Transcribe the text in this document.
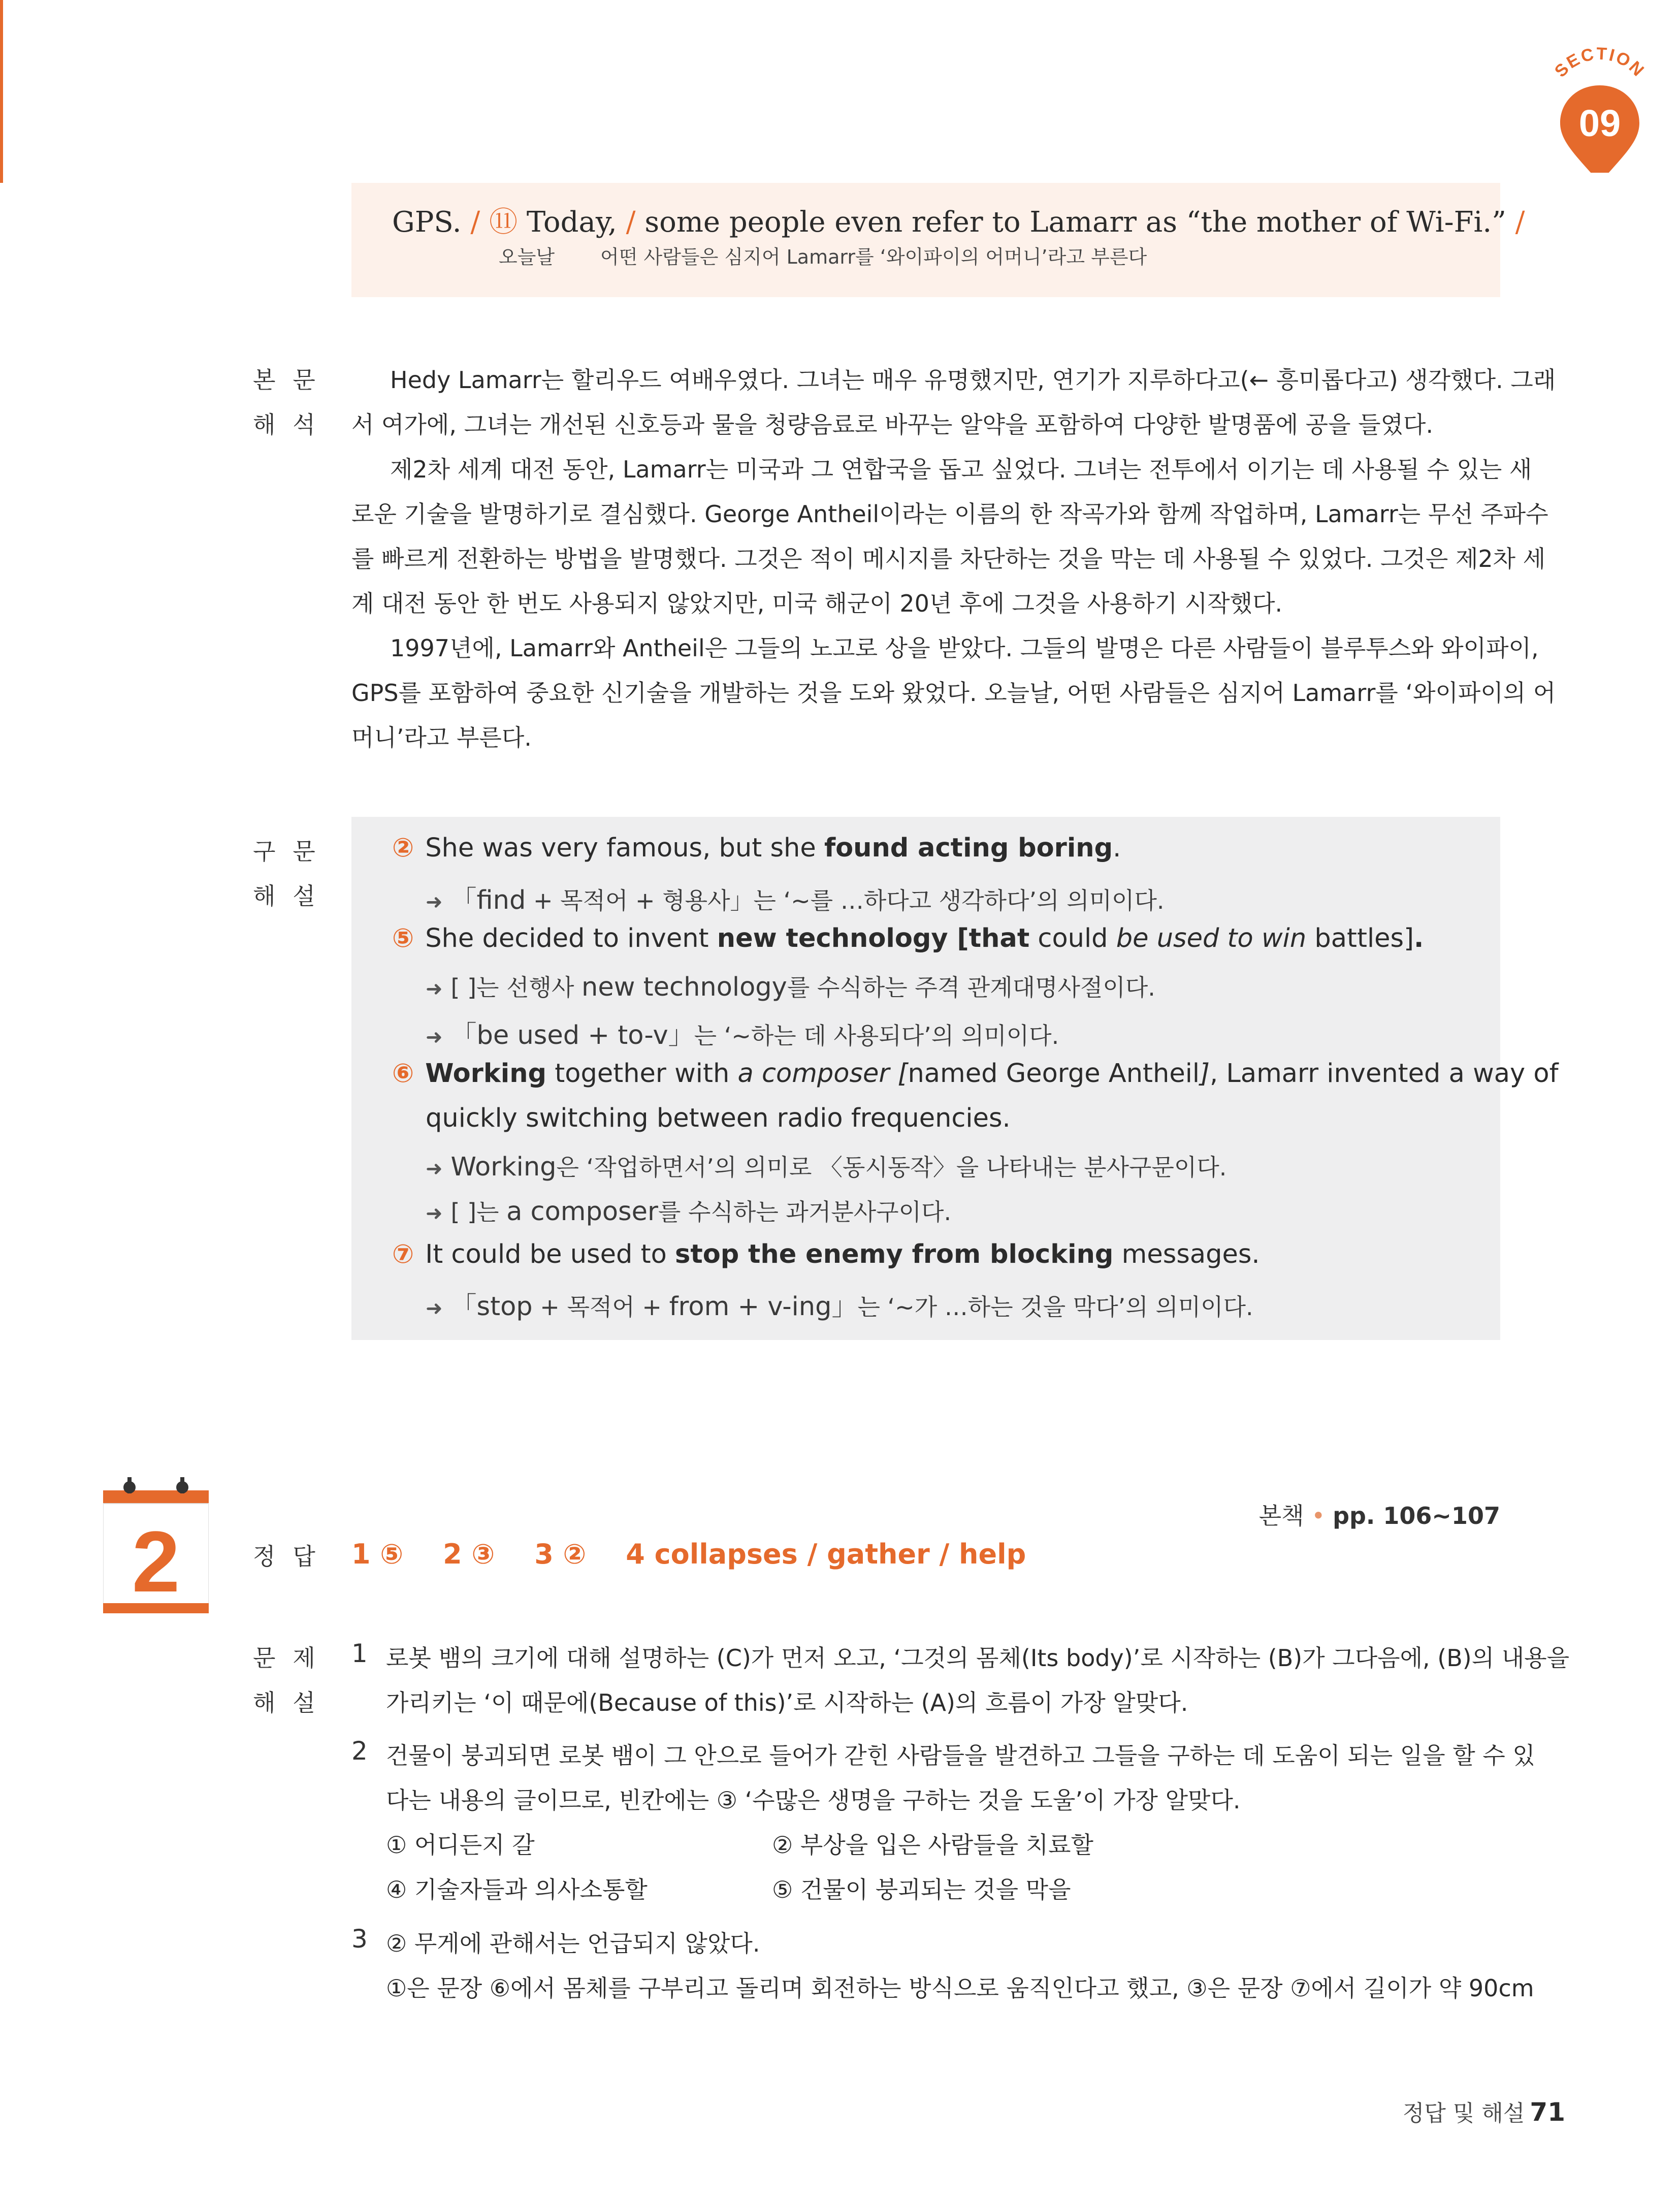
SECTION
09
GPS. / ⑪ Today, / some people even refer to Lamarr as “the mother of Wi-Fi.” /
오늘날 어떤 사람들은 심지어 Lamarr를 ‘와이파이의 어머니’라고 부른다
본문
해석
Hedy Lamarr는 할리우드 여배우였다. 그녀는 매우 유명했지만, 연기가 지루하다고(← 흥미롭다고) 생각했다. 그래
서 여가에, 그녀는 개선된 신호등과 물을 청량음료로 바꾸는 알약을 포함하여 다양한 발명품에 공을 들였다.
제2차 세계 대전 동안, Lamarr는 미국과 그 연합국을 돕고 싶었다. 그녀는 전투에서 이기는 데 사용될 수 있는 새
로운 기술을 발명하기로 결심했다. George Antheil이라는 이름의 한 작곡가와 함께 작업하며, Lamarr는 무선 주파수
를 빠르게 전환하는 방법을 발명했다. 그것은 적이 메시지를 차단하는 것을 막는 데 사용될 수 있었다. 그것은 제2차 세
계 대전 동안 한 번도 사용되지 않았지만, 미국 해군이 20년 후에 그것을 사용하기 시작했다.
1997년에, Lamarr와 Antheil은 그들의 노고로 상을 받았다. 그들의 발명은 다른 사람들이 블루투스와 와이파이,
GPS를 포함하여 중요한 신기술을 개발하는 것을 도와 왔었다. 오늘날, 어떤 사람들은 심지어 Lamarr를 ‘와이파이의 어
머니’라고 부른다.
구문
해설
② She was very famous, but she found acting boring.
➜ 「find + 목적어 + 형용사」는 ‘~를 …하다고 생각하다’의 의미이다.
⑤ She decided to invent new technology [that could be used to win battles].
➜ [ ]는 선행사 new technology를 수식하는 주격 관계대명사절이다.
➜ 「be used + to-v」는 ‘~하는 데 사용되다’의 의미이다.
⑥ Working together with a composer [named George Antheil], Lamarr invented a way of
quickly switching between radio frequencies.
➜ Working은 ‘작업하면서’의 의미로 〈동시동작〉을 나타내는 분사구문이다.
➜ [ ]는 a composer를 수식하는 과거분사구이다.
⑦ It could be used to stop the enemy from blocking messages.
➜ 「stop + 목적어 + from + v-ing」는 ‘~가 …하는 것을 막다’의 의미이다.
2	본책 • pp. 106~107
정답 1 ⑤ 2 ③ 3 ② 4 collapses / gather / help
문제
해설
1 로봇 뱀의 크기에 대해 설명하는 (C)가 먼저 오고, ‘그것의 몸체(Its body)’로 시작하는 (B)가 그다음에, (B)의 내용을
가리키는 ‘이 때문에(Because of this)’로 시작하는 (A)의 흐름이 가장 알맞다.
2 건물이 붕괴되면 로봇 뱀이 그 안으로 들어가 갇힌 사람들을 발견하고 그들을 구하는 데 도움이 되는 일을 할 수 있
다는 내용의 글이므로, 빈칸에는 ③ ‘수많은 생명을 구하는 것을 도울’이 가장 알맞다.
① 어디든지 갈	② 부상을 입은 사람들을 치료할
④ 기술자들과 의사소통할	⑤ 건물이 붕괴되는 것을 막을
3 ② 무게에 관해서는 언급되지 않았다.
①은 문장 ⑥에서 몸체를 구부리고 돌리며 회전하는 방식으로 움직인다고 했고, ③은 문장 ⑦에서 길이가 약 90cm
정답 및 해설 71
